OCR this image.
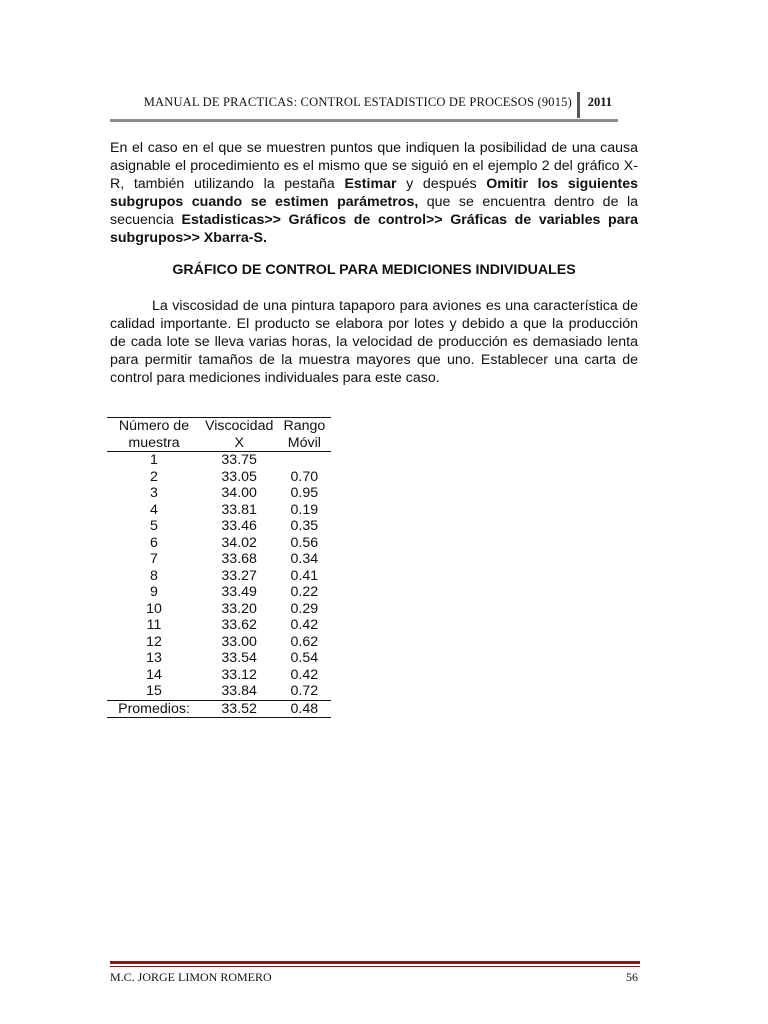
MANUAL DE PRACTICAS: CONTROL ESTADISTICO DE PROCESOS (9015) 2011
En el caso en el que se muestren puntos que indiquen la posibilidad de una causa asignable el procedimiento es el mismo que se siguió en el ejemplo 2 del gráfico X-R, también utilizando la pestaña Estimar y después Omitir los siguientes subgrupos cuando se estimen parámetros, que se encuentra dentro de la secuencia Estadisticas>> Gráficos de control>> Gráficas de variables para subgrupos>> Xbarra-S.
GRÁFICO DE CONTROL PARA MEDICIONES INDIVIDUALES
La viscosidad de una pintura tapaporo para aviones es una característica de calidad importante. El producto se elabora por lotes y debido a que la producción de cada lote se lleva varias horas, la velocidad de producción es demasiado lenta para permitir tamaños de la muestra mayores que uno. Establecer una carta de control para mediciones individuales para este caso.
Número de	Viscocidad	Rango
muestra	X	Móvil
1	33.75	
2	33.05	0.70
3	34.00	0.95
4	33.81	0.19
5	33.46	0.35
6	34.02	0.56
7	33.68	0.34
8	33.27	0.41
9	33.49	0.22
10	33.20	0.29
11	33.62	0.42
12	33.00	0.62
13	33.54	0.54
14	33.12	0.42
15	33.84	0.72
Promedios:	33.52	0.48
M.C. JORGE LIMON ROMERO	56
